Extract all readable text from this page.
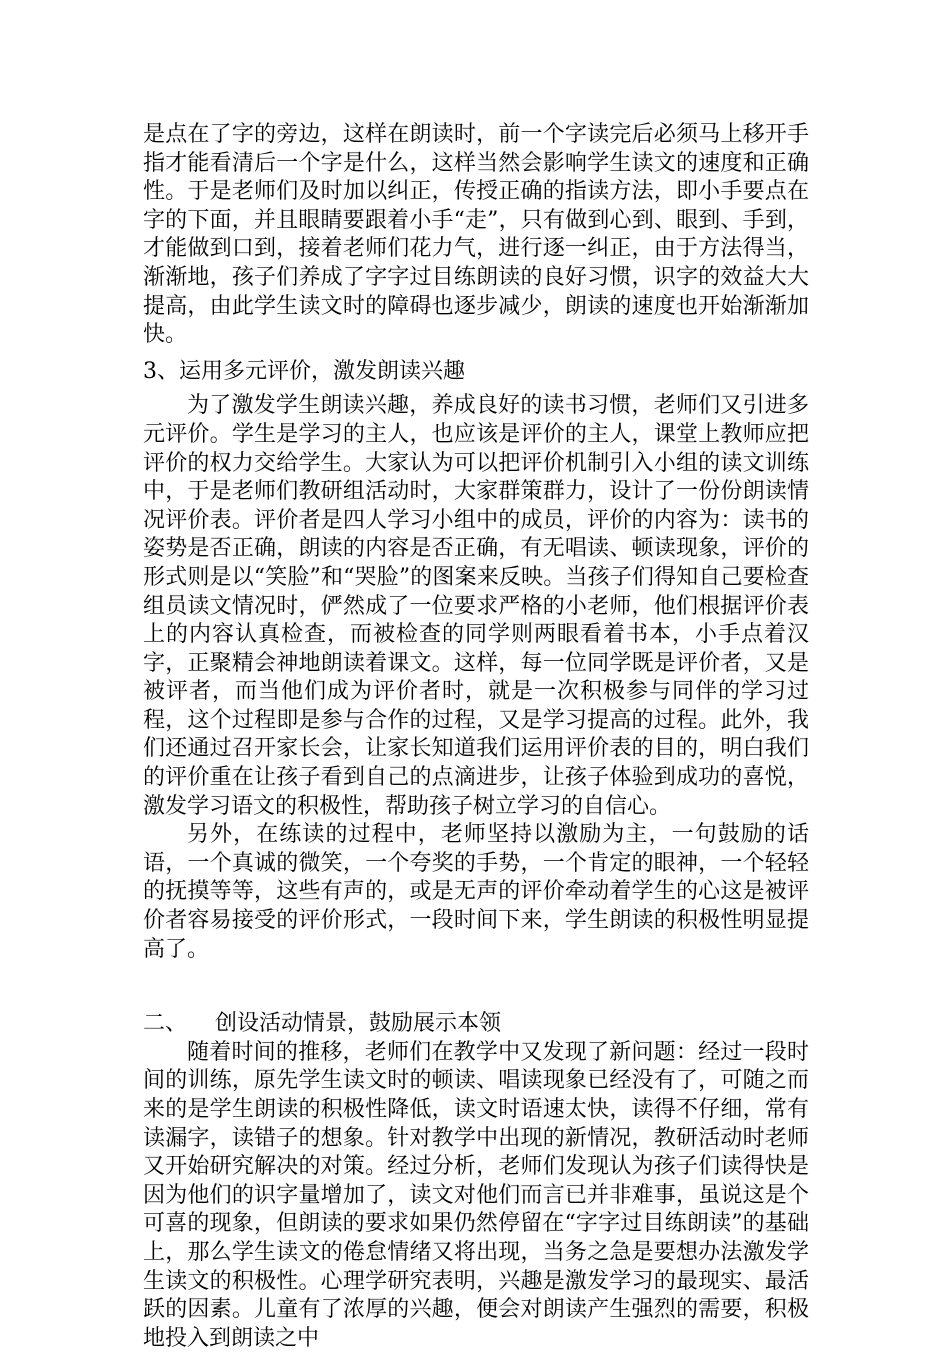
是点在了字的旁边，这样在朗读时，前一个字读完后必须马上移开手指才能看清后一个字是什么，这样当然会影响学生读文的速度和正确性。于是老师们及时加以纠正，传授正确的指读方法，即小手要点在字的下面，并且眼睛要跟着小手“走”，只有做到心到、眼到、手到，才能做到口到，接着老师们花力气，进行逐一纠正，由于方法得当，渐渐地，孩子们养成了字字过目练朗读的良好习惯，识字的效益大大提高，由此学生读文时的障碍也逐步减少，朗读的速度也开始渐渐加快。

3、运用多元评价，激发朗读兴趣

为了激发学生朗读兴趣，养成良好的读书习惯，老师们又引进多元评价。学生是学习的主人，也应该是评价的主人，课堂上教师应把评价的权力交给学生。大家认为可以把评价机制引入小组的读文训练中，于是老师们教研组活动时，大家群策群力，设计了一份份朗读情况评价表。评价者是四人学习小组中的成员，评价的内容为：读书的姿势是否正确，朗读的内容是否正确，有无唱读、顿读现象，评价的形式则是以“笑脸”和“哭脸”的图案来反映。当孩子们得知自己要检查组员读文情况时，俨然成了一位要求严格的小老师，他们根据评价表上的内容认真检查，而被检查的同学则两眼看着书本，小手点着汉字，正聚精会神地朗读着课文。这样，每一位同学既是评价者，又是被评者，而当他们成为评价者时，就是一次积极参与同伴的学习过程，这个过程即是参与合作的过程，又是学习提高的过程。此外，我们还通过召开家长会，让家长知道我们运用评价表的目的，明白我们的评价重在让孩子看到自己的点滴进步，让孩子体验到成功的喜悦，激发学习语文的积极性，帮助孩子树立学习的自信心。

另外，在练读的过程中，老师坚持以激励为主，一句鼓励的话语，一个真诚的微笑，一个夸奖的手势，一个肯定的眼神，一个轻轻的抚摸等等，这些有声的，或是无声的评价牵动着学生的心这是被评价者容易接受的评价形式，一段时间下来，学生朗读的积极性明显提高了。

二、    创设活动情景，鼓励展示本领

随着时间的推移，老师们在教学中又发现了新问题：经过一段时间的训练，原先学生读文时的顿读、唱读现象已经没有了，可随之而来的是学生朗读的积极性降低，读文时语速太快，读得不仔细，常有读漏字，读错子的想象。针对教学中出现的新情况，教研活动时老师又开始研究解决的对策。经过分析，老师们发现认为孩子们读得快是因为他们的识字量增加了，读文对他们而言已并非难事，虽说这是个可喜的现象，但朗读的要求如果仍然停留在“字字过目练朗读”的基础上，那么学生读文的倦怠情绪又将出现，当务之急是要想办法激发学生读文的积极性。心理学研究表明，兴趣是激发学习的最现实、最活跃的因素。儿童有了浓厚的兴趣，便会对朗读产生强烈的需要，积极地投入到朗读之中
